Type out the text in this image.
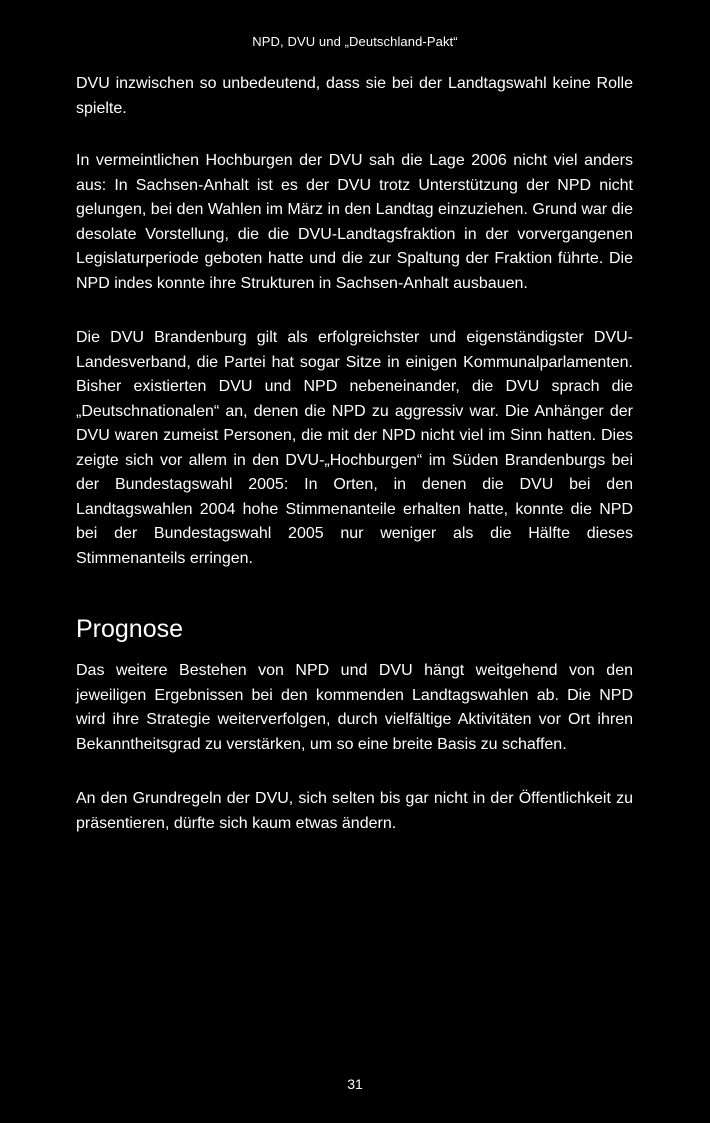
NPD, DVU und „Deutschland-Pakt“

DVU inzwischen so unbedeutend, dass sie bei der Landtagswahl keine Rolle spielte.

In vermeintlichen Hochburgen der DVU sah die Lage 2006 nicht viel anders aus: In Sachsen-Anhalt ist es der DVU trotz Unterstützung der NPD nicht gelungen, bei den Wahlen im März in den Landtag einzuziehen. Grund war die desolate Vorstellung, die die DVU-Landtagsfraktion in der vorvergangenen Legislaturperiode geboten hatte und die zur Spaltung der Fraktion führte. Die NPD indes konnte ihre Strukturen in Sachsen-Anhalt ausbauen.

Die DVU Brandenburg gilt als erfolgreichster und eigenständigster DVU-Landesverband, die Partei hat sogar Sitze in einigen Kommunalparlamenten. Bisher existierten DVU und NPD nebeneinander, die DVU sprach die „Deutschnationalen“ an, denen die NPD zu aggressiv war. Die Anhänger der DVU waren zumeist Personen, die mit der NPD nicht viel im Sinn hatten. Dies zeigte sich vor allem in den DVU-„Hochburgen“ im Süden Brandenburgs bei der Bundestagswahl 2005: In Orten, in denen die DVU bei den Landtagswahlen 2004 hohe Stimmenanteile erhalten hatte, konnte die NPD bei der Bundestagswahl 2005 nur weniger als die Hälfte dieses Stimmenanteils erringen.

Prognose

Das weitere Bestehen von NPD und DVU hängt weitgehend von den jeweiligen Ergebnissen bei den kommenden Landtagswahlen ab. Die NPD wird ihre Strategie weiterverfolgen, durch vielfältige Aktivitäten vor Ort ihren Bekanntheitsgrad zu verstärken, um so eine breite Basis zu schaffen.

An den Grundregeln der DVU, sich selten bis gar nicht in der Öffentlichkeit zu präsentieren, dürfte sich kaum etwas ändern.

31
